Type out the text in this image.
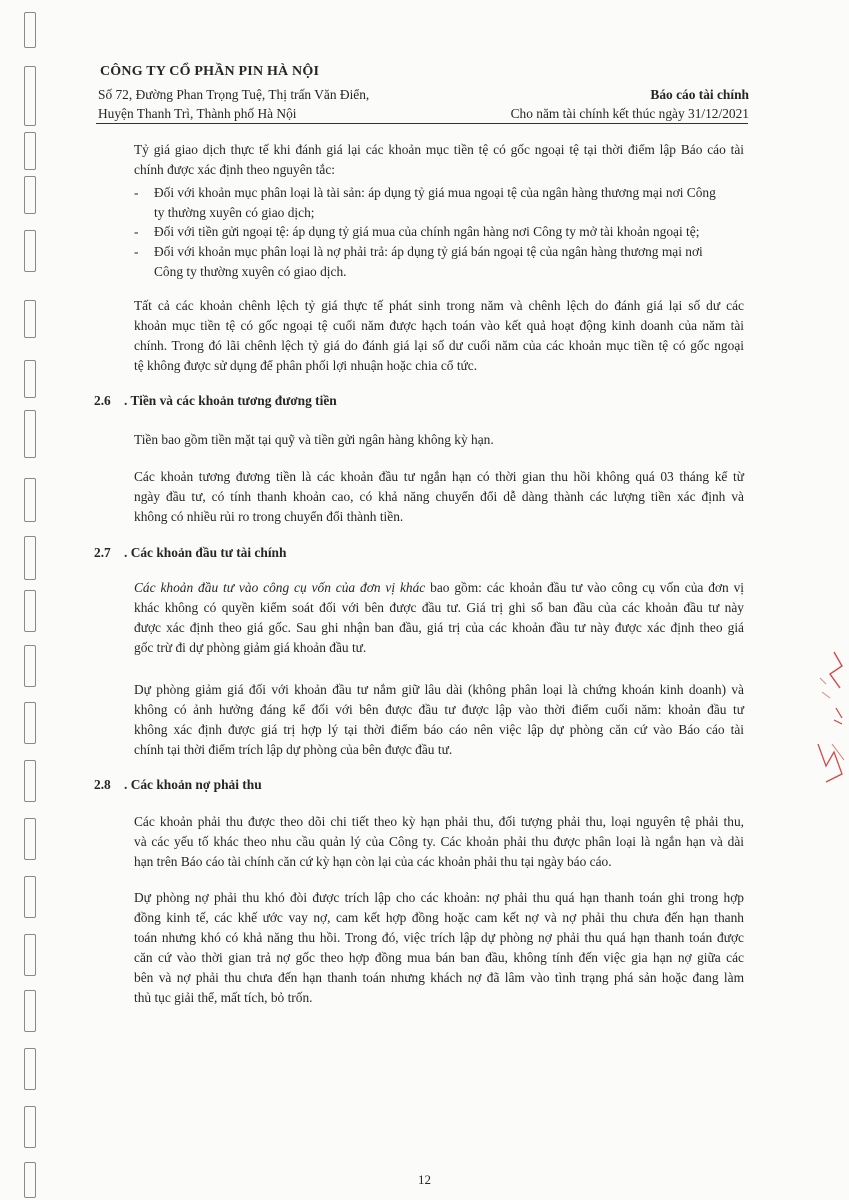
CÔNG TY CỔ PHẦN PIN HÀ NỘI
Số 72, Đường Phan Trọng Tuệ, Thị trấn Văn Điển,
Huyện Thanh Trì, Thành phố Hà Nội
Báo cáo tài chính
Cho năm tài chính kết thúc ngày 31/12/2021
Tỷ giá giao dịch thực tế khi đánh giá lại các khoản mục tiền tệ có gốc ngoại tệ tại thời điểm lập Báo cáo tài
chính được xác định theo nguyên tắc:
- Đối với khoản mục phân loại là tài sản: áp dụng tỷ giá mua ngoại tệ của ngân hàng thương mại nơi Công
ty thường xuyên có giao dịch;
- Đối với tiền gửi ngoại tệ: áp dụng tỷ giá mua của chính ngân hàng nơi Công ty mở tài khoản ngoại tệ;
- Đối với khoản mục phân loại là nợ phải trả: áp dụng tỷ giá bán ngoại tệ của ngân hàng thương mại nơi
Công ty thường xuyên có giao dịch.
Tất cả các khoản chênh lệch tỷ giá thực tế phát sinh trong năm và chênh lệch do đánh giá lại số dư các
khoản mục tiền tệ có gốc ngoại tệ cuối năm được hạch toán vào kết quả hoạt động kinh doanh của năm tài
chính. Trong đó lãi chênh lệch tỷ giá do đánh giá lại số dư cuối năm của các khoản mục tiền tệ có gốc ngoại
tệ không được sử dụng để phân phối lợi nhuận hoặc chia cổ tức.
2.6 . Tiền và các khoản tương đương tiền
Tiền bao gồm tiền mặt tại quỹ và tiền gửi ngân hàng không kỳ hạn.
Các khoản tương đương tiền là các khoản đầu tư ngắn hạn có thời gian thu hồi không quá 03 tháng kể từ
ngày đầu tư, có tính thanh khoản cao, có khả năng chuyển đổi dễ dàng thành các lượng tiền xác định và
không có nhiều rủi ro trong chuyển đổi thành tiền.
2.7 . Các khoản đầu tư tài chính
Các khoản đầu tư vào công cụ vốn của đơn vị khác bao gồm: các khoản đầu tư vào công cụ vốn của đơn vị
khác không có quyền kiểm soát đối với bên được đầu tư. Giá trị ghi sổ ban đầu của các khoản đầu tư này
được xác định theo giá gốc. Sau ghi nhận ban đầu, giá trị của các khoản đầu tư này được xác định theo giá
gốc trừ đi dự phòng giảm giá khoản đầu tư.
Dự phòng giảm giá đối với khoản đầu tư nắm giữ lâu dài (không phân loại là chứng khoán kinh doanh) và
không có ảnh hưởng đáng kể đối với bên được đầu tư được lập vào thời điểm cuối năm: khoản đầu tư
không xác định được giá trị hợp lý tại thời điểm báo cáo nên việc lập dự phòng căn cứ vào Báo cáo tài
chính tại thời điểm trích lập dự phòng của bên được đầu tư.
2.8 . Các khoản nợ phải thu
Các khoản phải thu được theo dõi chi tiết theo kỳ hạn phải thu, đối tượng phải thu, loại nguyên tệ phải thu,
và các yếu tố khác theo nhu cầu quản lý của Công ty. Các khoản phải thu được phân loại là ngắn hạn và dài
hạn trên Báo cáo tài chính căn cứ kỳ hạn còn lại của các khoản phải thu tại ngày báo cáo.
Dự phòng nợ phải thu khó đòi được trích lập cho các khoản: nợ phải thu quá hạn thanh toán ghi trong hợp
đồng kinh tế, các khế ước vay nợ, cam kết hợp đồng hoặc cam kết nợ và nợ phải thu chưa đến hạn thanh
toán nhưng khó có khả năng thu hồi. Trong đó, việc trích lập dự phòng nợ phải thu quá hạn thanh toán được
căn cứ vào thời gian trả nợ gốc theo hợp đồng mua bán ban đầu, không tính đến việc gia hạn nợ giữa các
bên và nợ phải thu chưa đến hạn thanh toán nhưng khách nợ đã lâm vào tình trạng phá sản hoặc đang làm
thủ tục giải thể, mất tích, bỏ trốn.
12
